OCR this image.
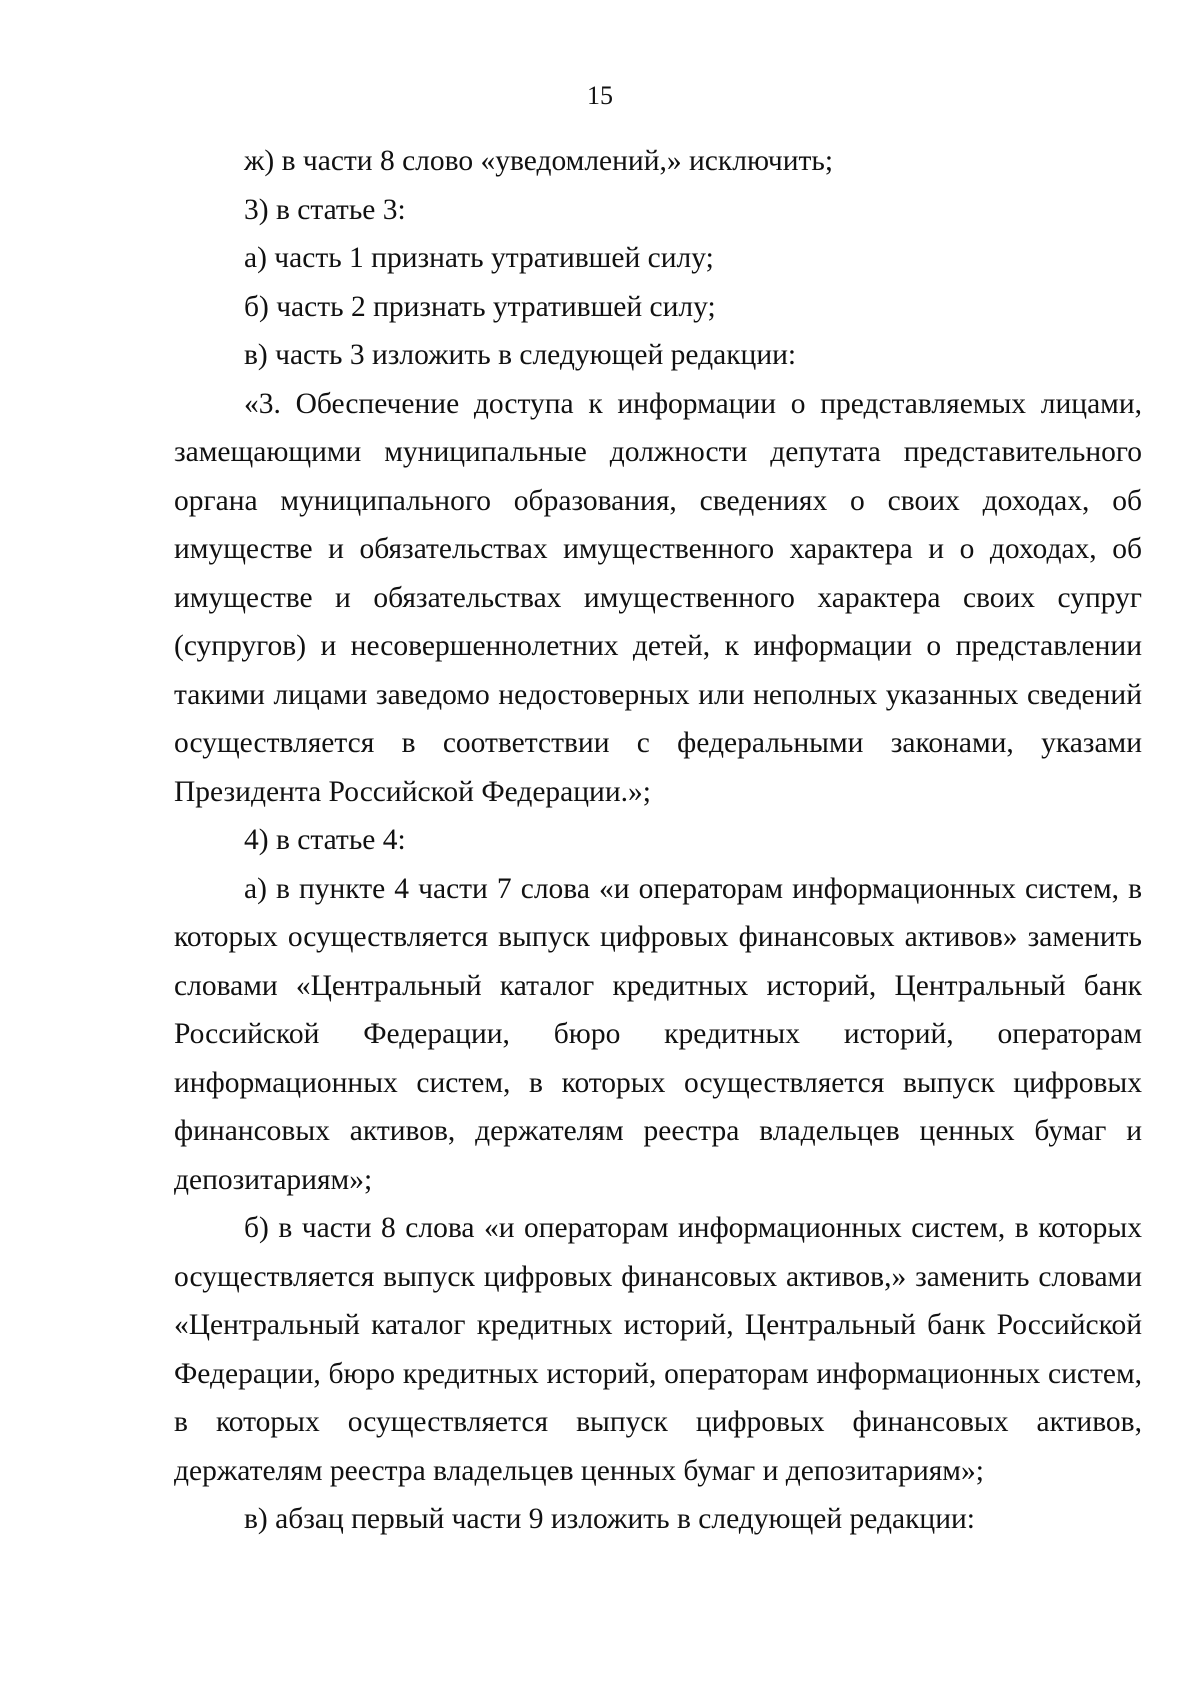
15

ж) в части 8 слово «уведомлений,» исключить;

3) в статье 3:

а) часть 1 признать утратившей силу;

б) часть 2 признать утратившей силу;

в) часть 3 изложить в следующей редакции:

«3. Обеспечение доступа к информации о представляемых лицами, замещающими муниципальные должности депутата представительного органа муниципального образования, сведениях о своих доходах, об имуществе и обязательствах имущественного характера и о доходах, об имуществе и обязательствах имущественного характера своих супруг (супругов) и несовершеннолетних детей, к информации о представлении такими лицами заведомо недостоверных или неполных указанных сведений осуществляется в соответствии с федеральными законами, указами Президента Российской Федерации.»;

4) в статье 4:

а) в пункте 4 части 7 слова «и операторам информационных систем, в которых осуществляется выпуск цифровых финансовых активов» заменить словами «Центральный каталог кредитных историй, Центральный банк Российской Федерации, бюро кредитных историй, операторам информационных систем, в которых осуществляется выпуск цифровых финансовых активов, держателям реестра владельцев ценных бумаг и депозитариям»;

б) в части 8 слова «и операторам информационных систем, в которых осуществляется выпуск цифровых финансовых активов,» заменить словами «Центральный каталог кредитных историй, Центральный банк Российской Федерации, бюро кредитных историй, операторам информационных систем, в которых осуществляется выпуск цифровых финансовых активов, держателям реестра владельцев ценных бумаг и депозитариям»;

в) абзац первый части 9 изложить в следующей редакции:
